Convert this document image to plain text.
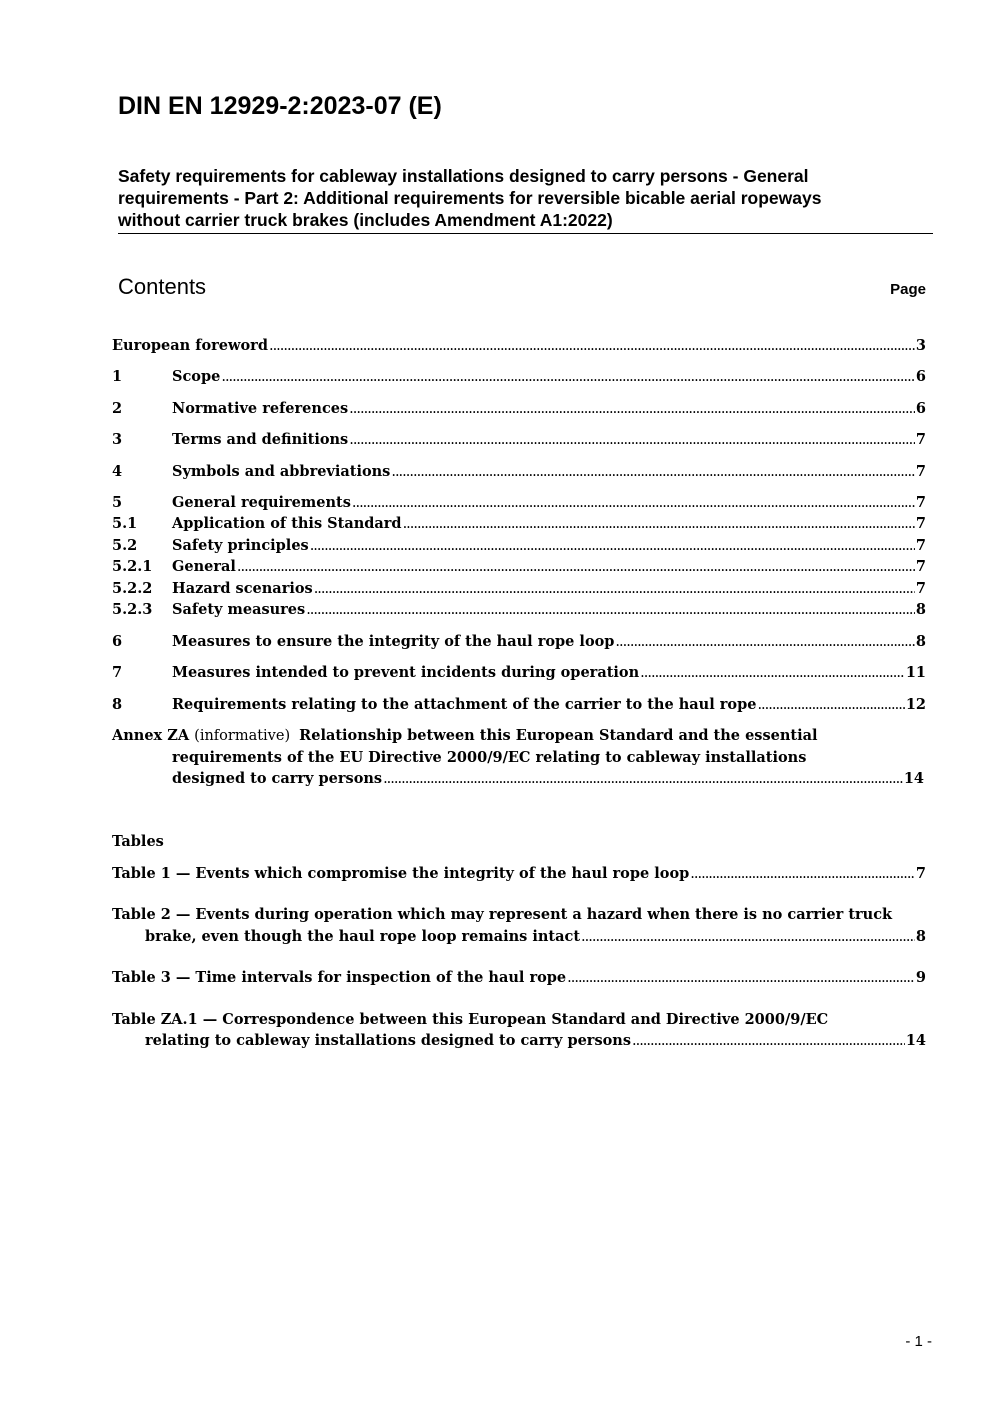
DIN EN 12929-2:2023-07 (E)
Safety requirements for cableway installations designed to carry persons - General
requirements - Part 2: Additional requirements for reversible bicable aerial ropeways
without carrier truck brakes (includes Amendment A1:2022)
Contents	Page
European foreword .....	3
1	Scope .....	6
2	Normative references .....	6
3	Terms and definitions .....	7
4	Symbols and abbreviations .....	7
5	General requirements .....	7
5.1	Application of this Standard .....	7
5.2	Safety principles .....	7
5.2.1	General .....	7
5.2.2	Hazard scenarios .....	7
5.2.3	Safety measures .....	8
6	Measures to ensure the integrity of the haul rope loop .....	8
7	Measures intended to prevent incidents during operation .....	11
8	Requirements relating to the attachment of the carrier to the haul rope .....	12
Annex ZA (informative) Relationship between this European Standard and the essential
requirements of the EU Directive 2000/9/EC relating to cableway installations
designed to carry persons .....	14
Tables
Table 1 — Events which compromise the integrity of the haul rope loop .....	7
Table 2 — Events during operation which may represent a hazard when there is no carrier truck
brake, even though the haul rope loop remains intact .....	8
Table 3 — Time intervals for inspection of the haul rope .....	9
Table ZA.1 — Correspondence between this European Standard and Directive 2000/9/EC
relating to cableway installations designed to carry persons .....	14
- 1 -
